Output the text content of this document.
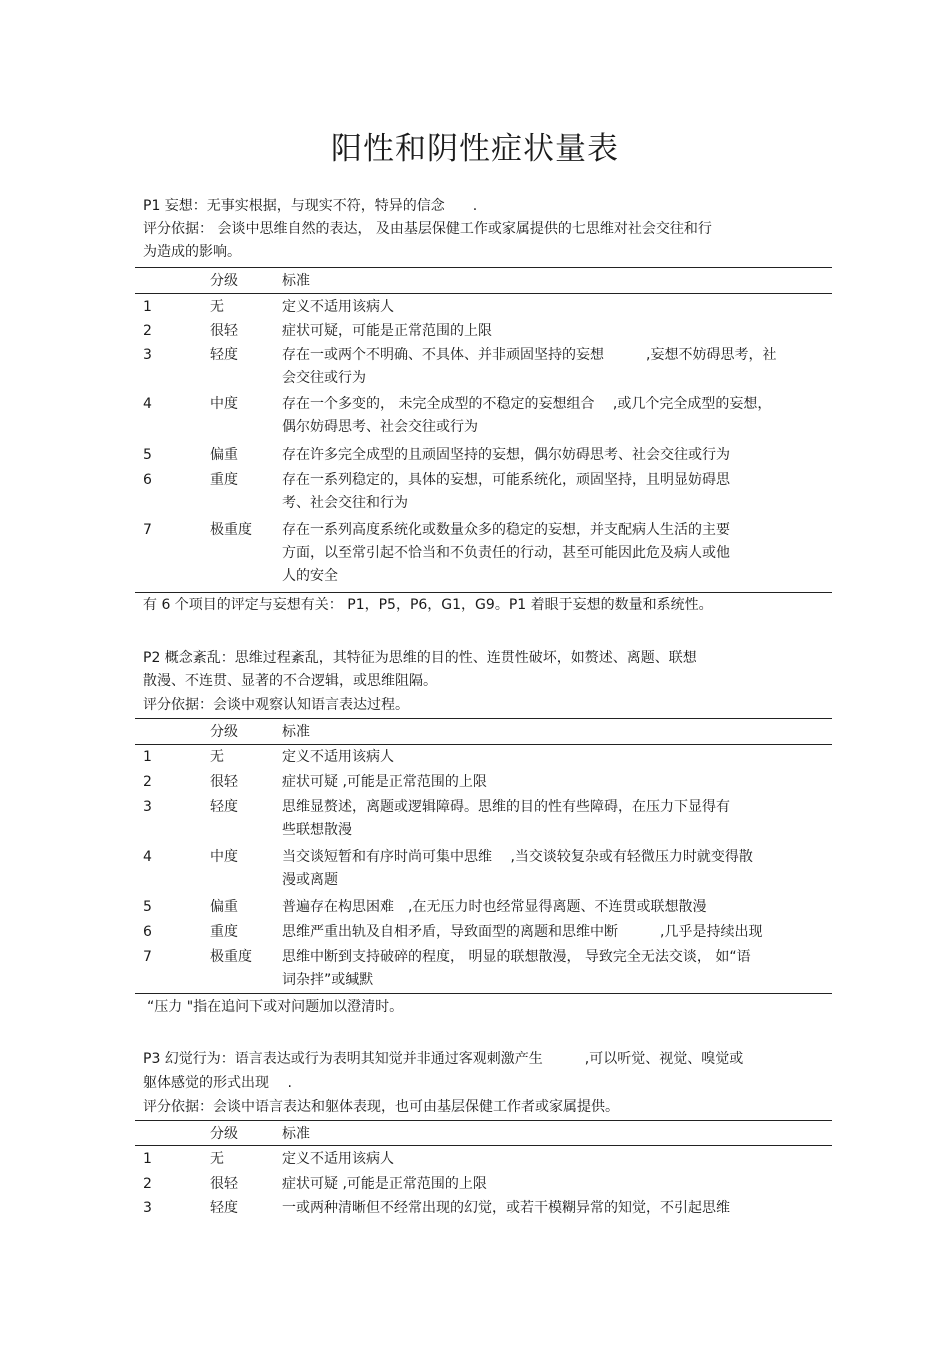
阳性和阴性症状量表
P1 妄想：无事实根据，与现实不符，特异的信念　　.
评分依据： 会谈中思维自然的表达， 及由基层保健工作或家属提供的七思维对社会交往和行
为造成的影响。
分级	标准
1	无	定义不适用该病人
2	很轻	症状可疑，可能是正常范围的上限
3	轻度	存在一或两个不明确、不具体、并非顽固坚持的妄想　　　,妄想不妨碍思考，社
会交往或行为
4	中度	存在一个多变的， 未完全成型的不稳定的妄想组合　 ,或几个完全成型的妄想，
偶尔妨碍思考、社会交往或行为
5	偏重	存在许多完全成型的且顽固坚持的妄想，偶尔妨碍思考、社会交往或行为
6	重度	存在一系列稳定的，具体的妄想，可能系统化，顽固坚持，且明显妨碍思
考、社会交往和行为
7	极重度 存在一系列高度系统化或数量众多的稳定的妄想，并支配病人生活的主要
方面，以至常引起不恰当和不负责任的行动，甚至可能因此危及病人或他
人的安全
有 6 个项目的评定与妄想有关： P1，P5，P6，G1，G9。P1 着眼于妄想的数量和系统性。
P2 概念紊乱：思维过程紊乱，其特征为思维的目的性、连贯性破坏，如赘述、离题、联想
散漫、不连贯、显著的不合逻辑，或思维阻隔。
评分依据：会谈中观察认知语言表达过程。
分级	标准
1	无	定义不适用该病人
2	很轻	症状可疑 ,可能是正常范围的上限
3	轻度	思维显赘述，离题或逻辑障碍。思维的目的性有些障碍，在压力下显得有
些联想散漫
4	中度	当交谈短暂和有序时尚可集中思维　 ,当交谈较复杂或有轻微压力时就变得散
漫或离题
5	偏重	普遍存在构思困难　,在无压力时也经常显得离题、不连贯或联想散漫
6	重度	思维严重出轨及自相矛盾，导致面型的离题和思维中断　　　,几乎是持续出现
7	极重度 思维中断到支持破碎的程度， 明显的联想散漫， 导致完全无法交谈， 如“语
词杂拌”或缄默
“压力 "指在追问下或对问题加以澄清时。
P3 幻觉行为：语言表达或行为表明其知觉并非通过客观刺激产生　　　,可以听觉、视觉、嗅觉或
躯体感觉的形式出现　 .
评分依据：会谈中语言表达和躯体表现，也可由基层保健工作者或家属提供。
分级	标准
1	无	定义不适用该病人
2	很轻	症状可疑 ,可能是正常范围的上限
3	轻度	一或两种清晰但不经常出现的幻觉，或若干模糊异常的知觉，不引起思维
